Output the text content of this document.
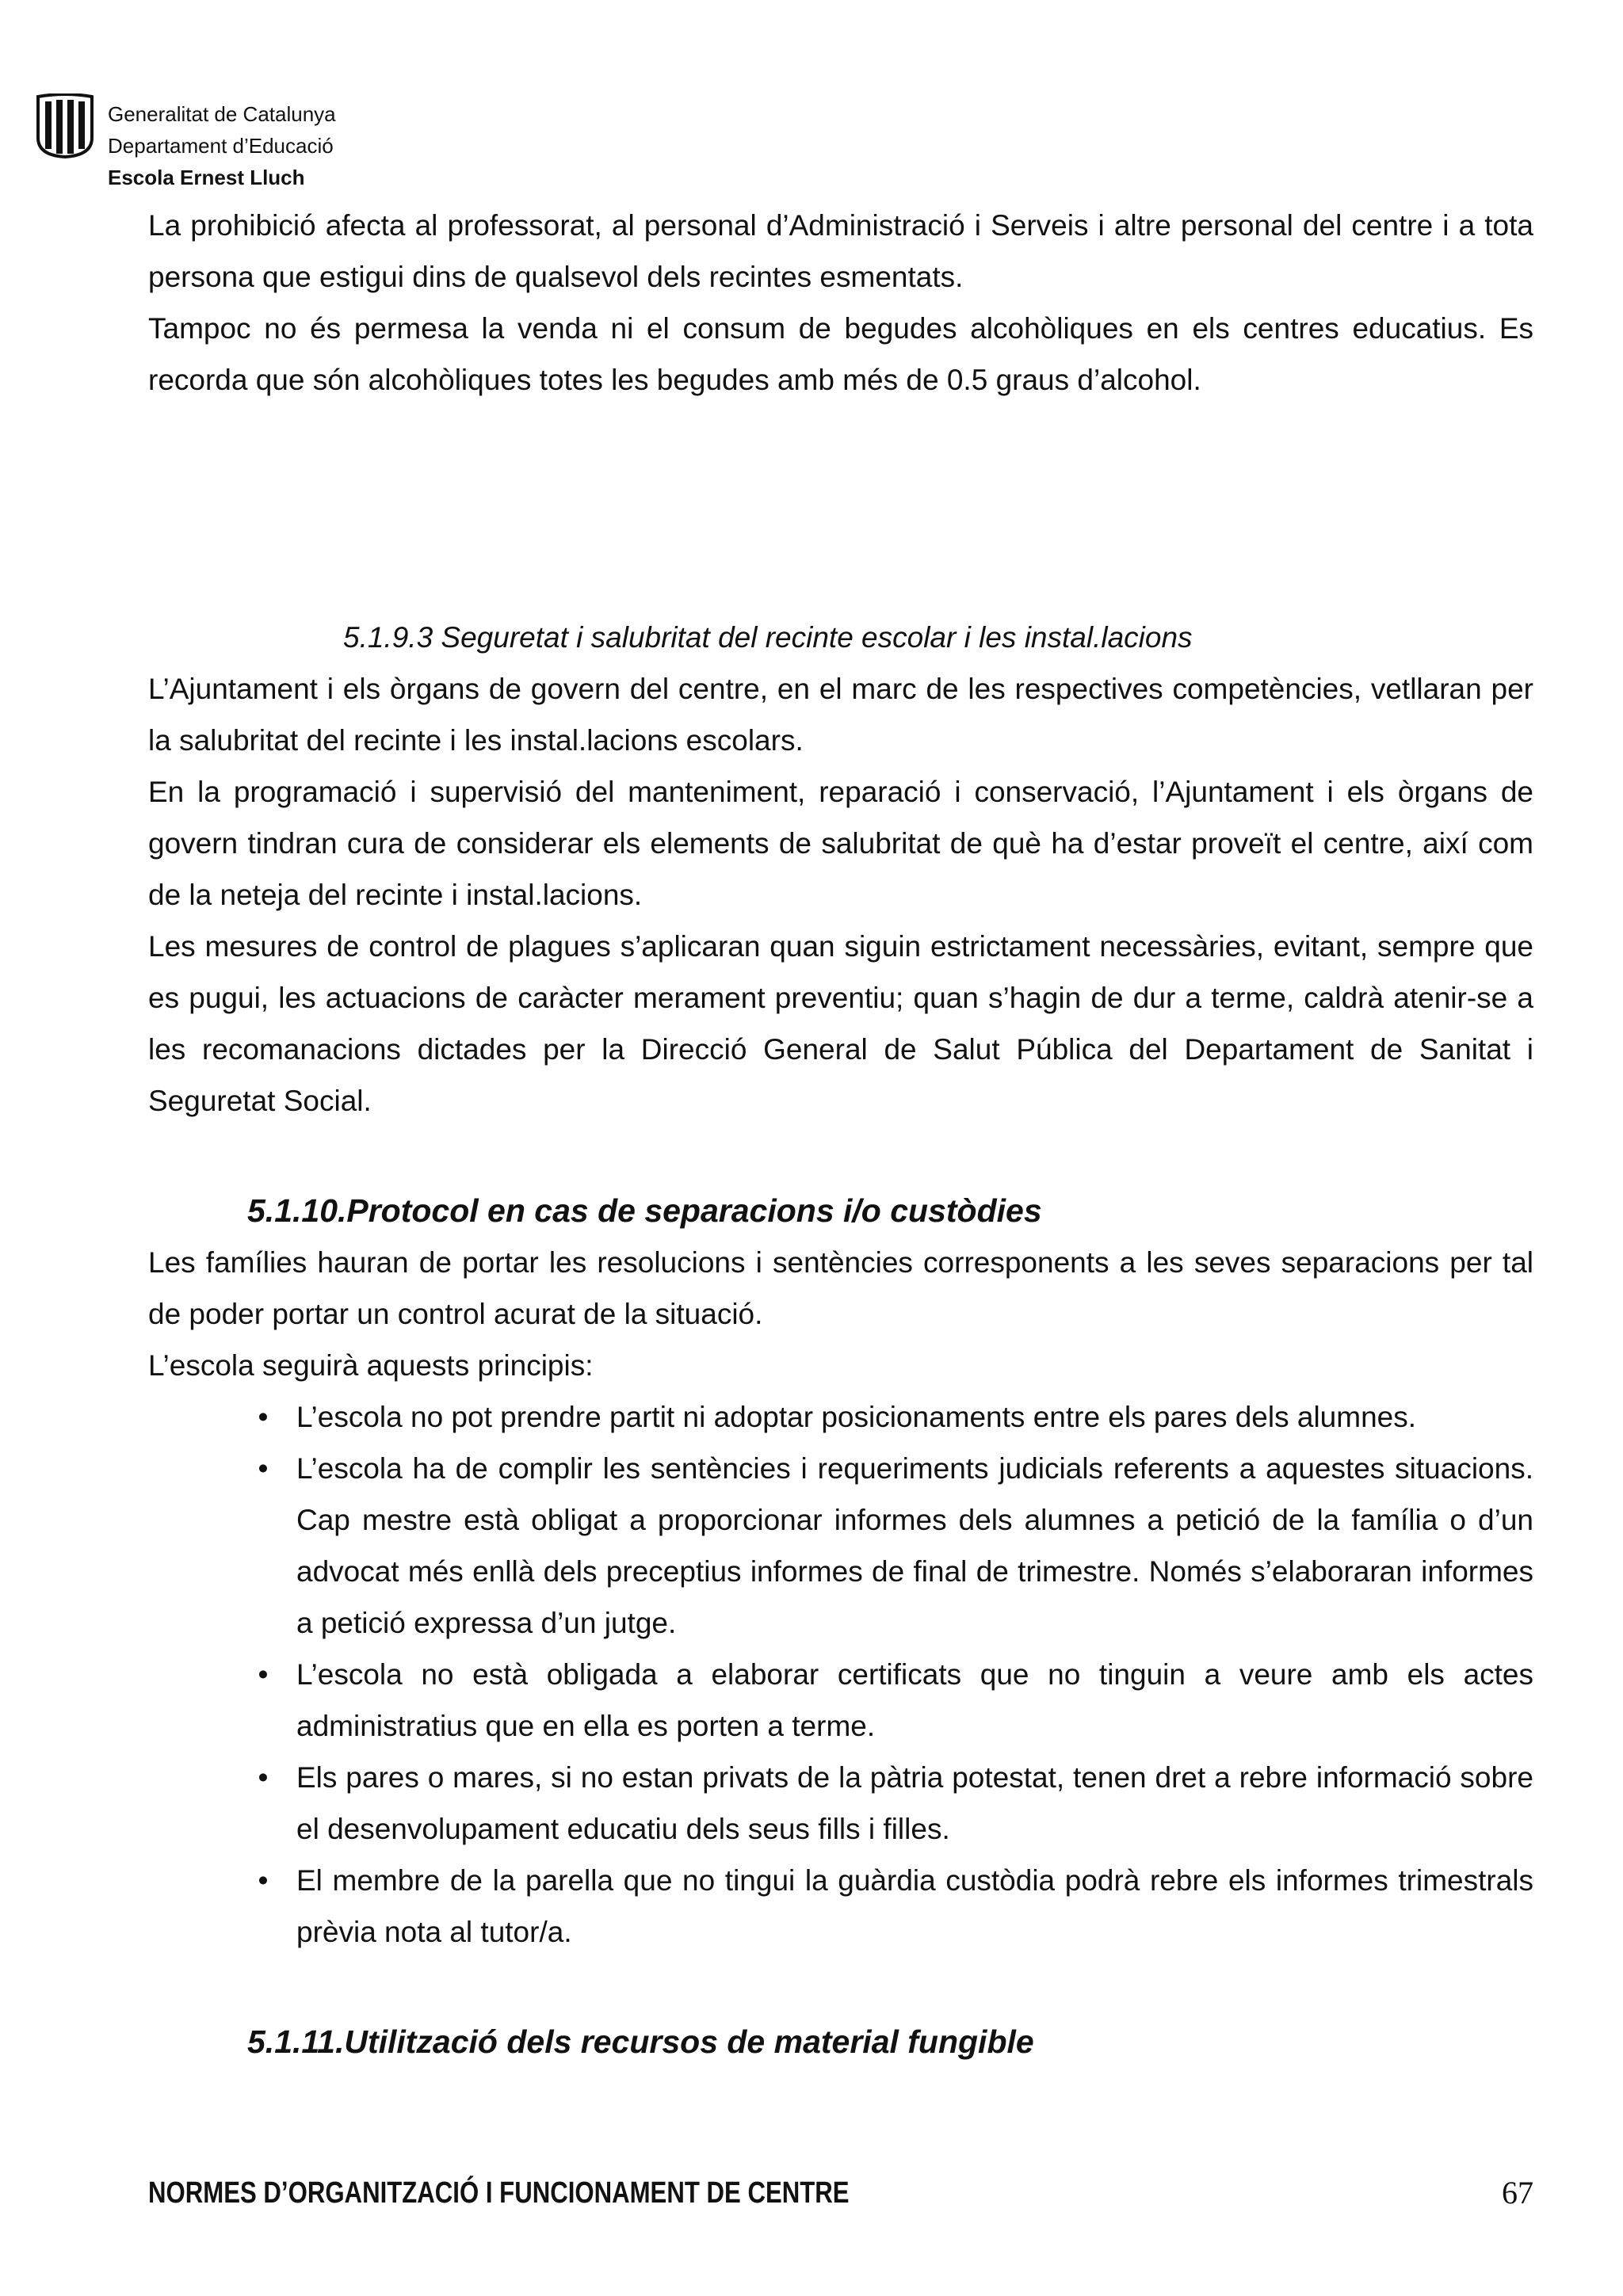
Generalitat de Catalunya
Departament d’Educació
Escola Ernest Lluch

La prohibició afecta al professorat, al personal d’Administració i Serveis i altre personal del centre i a tota persona que estigui dins de qualsevol dels recintes esmentats.

Tampoc no és permesa la venda ni el consum de begudes alcohòliques en els centres educatius. Es recorda que són alcohòliques totes les begudes amb més de 0.5 graus d’alcohol.

5.1.9.3 Seguretat i salubritat del recinte escolar i les instal.lacions

L’Ajuntament i els òrgans de govern del centre, en el marc de les respectives competències, vetllaran per la salubritat del recinte i les instal.lacions escolars.

En la programació i supervisió del manteniment, reparació i conservació, l’Ajuntament i els òrgans de govern tindran cura de considerar els elements de salubritat de què ha d’estar proveït el centre, així com de la neteja del recinte i instal.lacions.

Les mesures de control de plagues s’aplicaran quan siguin estrictament necessàries, evitant, sempre que es pugui, les actuacions de caràcter merament preventiu; quan s’hagin de dur a terme, caldrà atenir-se a les recomanacions dictades per la Direcció General de Salut Pública del Departament de Sanitat i Seguretat Social.

5.1.10.Protocol en cas de separacions i/o custòdies

Les famílies hauran de portar les resolucions i sentències corresponents a les seves separacions per tal de poder portar un control acurat de la situació.

L’escola seguirà aquests principis:

• L’escola no pot prendre partit ni adoptar posicionaments entre els pares dels alumnes.
• L’escola ha de complir les sentències i requeriments judicials referents a aquestes situacions. Cap mestre està obligat a proporcionar informes dels alumnes a petició de la família o d’un advocat més enllà dels preceptius informes de final de trimestre. Només s’elaboraran informes a petició expressa d’un jutge.
• L’escola no està obligada a elaborar certificats que no tinguin a veure amb els actes administratius que en ella es porten a terme.
• Els pares o mares, si no estan privats de la pàtria potestat, tenen dret a rebre informació sobre el desenvolupament educatiu dels seus fills i filles.
• El membre de la parella que no tingui la guàrdia custòdia podrà rebre els informes trimestrals prèvia nota al tutor/a.
5.1.11.Utilització dels recursos de material fungible
NORMES D’ORGANITZACIÓ I FUNCIONAMENT DE CENTRE	67
